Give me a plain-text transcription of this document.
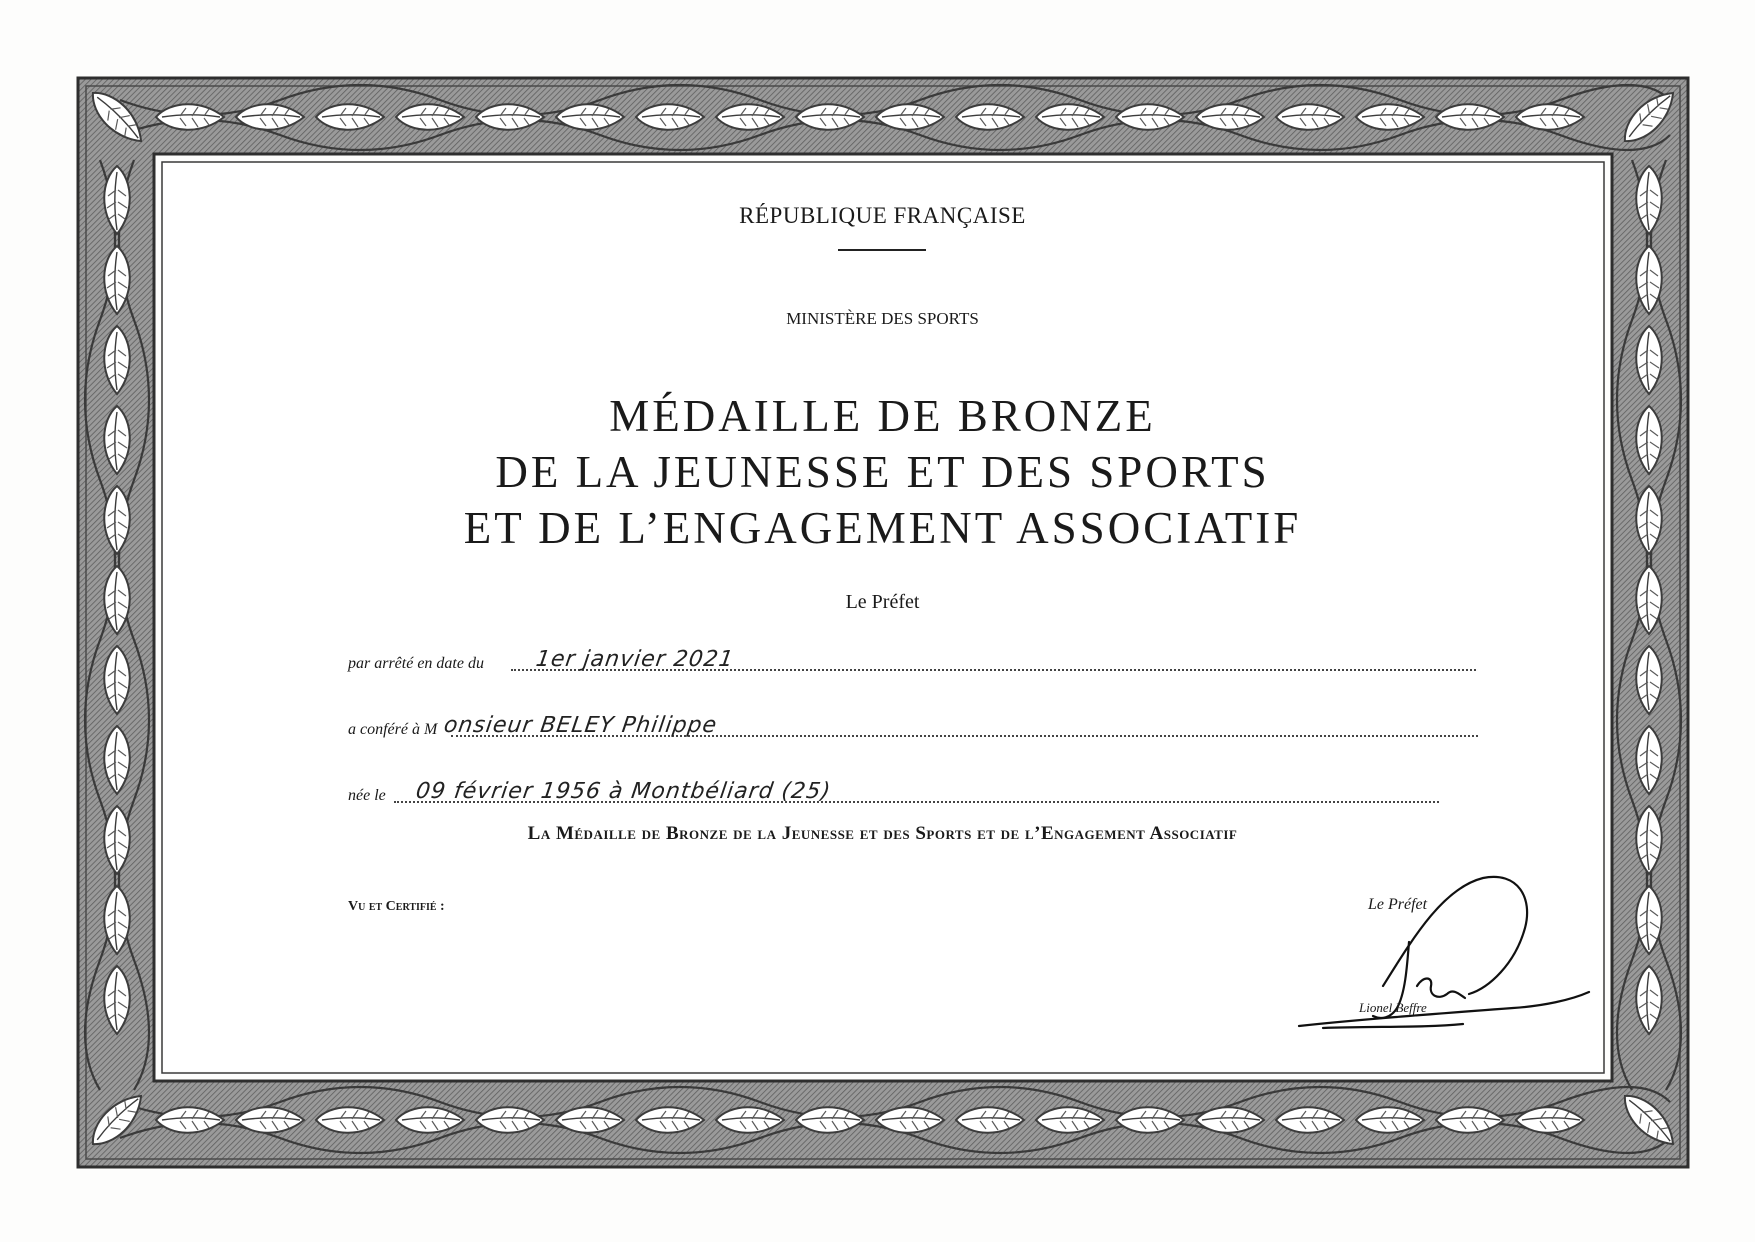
RÉPUBLIQUE FRANÇAISE
MINISTÈRE DES SPORTS
MÉDAILLE DE BRONZE
DE LA JEUNESSE ET DES SPORTS
ET DE L’ENGAGEMENT ASSOCIATIF
Le Préfet
par arrêté en date du 1er janvier 2021
a conféré à M onsieur BELEY Philippe
née le 09 février 1956 à Montbéliard (25)
La Médaille de Bronze de la Jeunesse et des Sports et de l’Engagement Associatif
Vu et Certifié :	Le Préfet
Lionel Beffre
